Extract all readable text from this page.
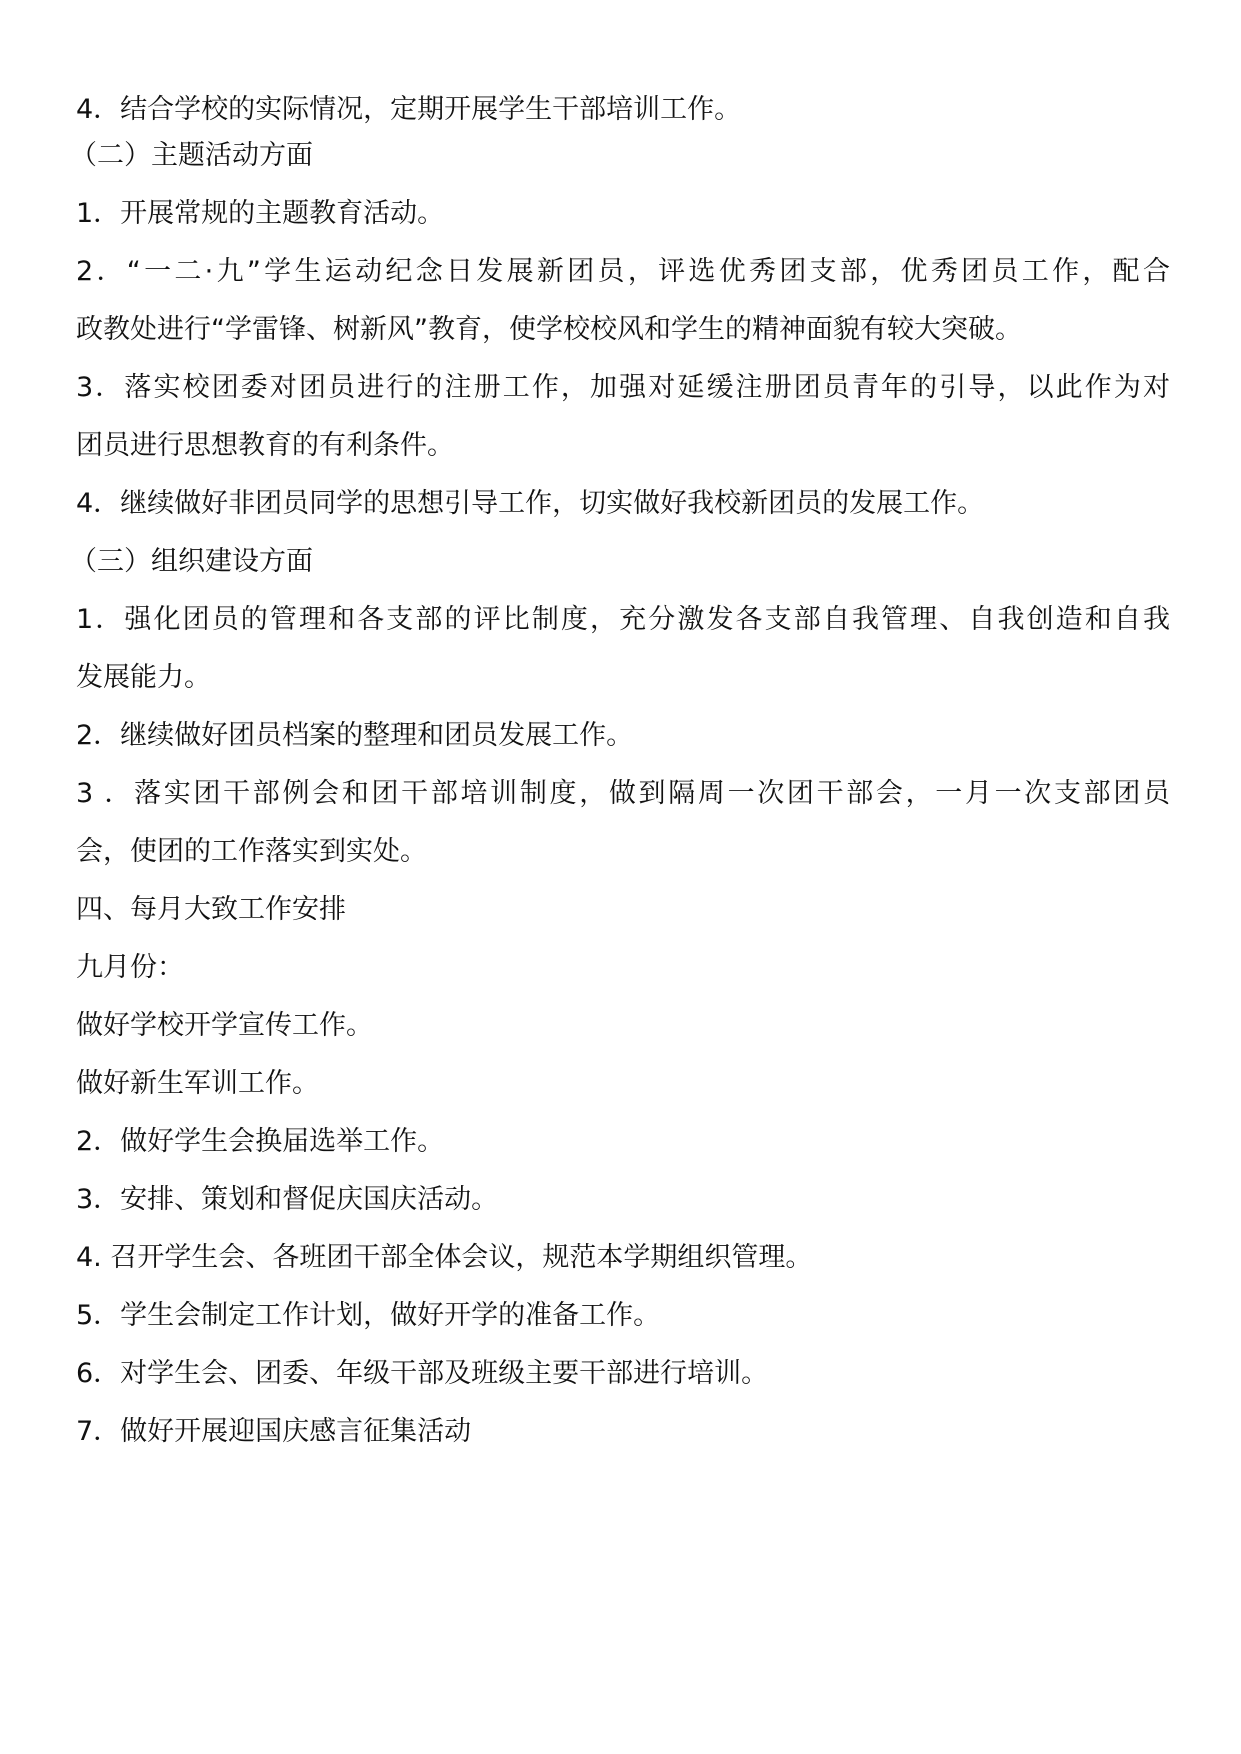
4．结合学校的实际情况，定期开展学生干部培训工作。
（二）主题活动方面
1．开展常规的主题教育活动。
2．“一二·九”学生运动纪念日发展新团员，评选优秀团支部，优秀团员工作，配合
政教处进行“学雷锋、树新风”教育，使学校校风和学生的精神面貌有较大突破。
3．落实校团委对团员进行的注册工作，加强对延缓注册团员青年的引导，以此作为对
团员进行思想教育的有利条件。
4．继续做好非团员同学的思想引导工作，切实做好我校新团员的发展工作。
（三）组织建设方面
1．强化团员的管理和各支部的评比制度，充分激发各支部自我管理、自我创造和自我
发展能力。
2．继续做好团员档案的整理和团员发展工作。
3 ．落实团干部例会和团干部培训制度，做到隔周一次团干部会，一月一次支部团员
会，使团的工作落实到实处。
四、每月大致工作安排
九月份：
做好学校开学宣传工作。
做好新生军训工作。
2．做好学生会换届选举工作。
3．安排、策划和督促庆国庆活动。
4. 召开学生会、各班团干部全体会议，规范本学期组织管理。
5．学生会制定工作计划，做好开学的准备工作。
6．对学生会、团委、年级干部及班级主要干部进行培训。
7．做好开展迎国庆感言征集活动
